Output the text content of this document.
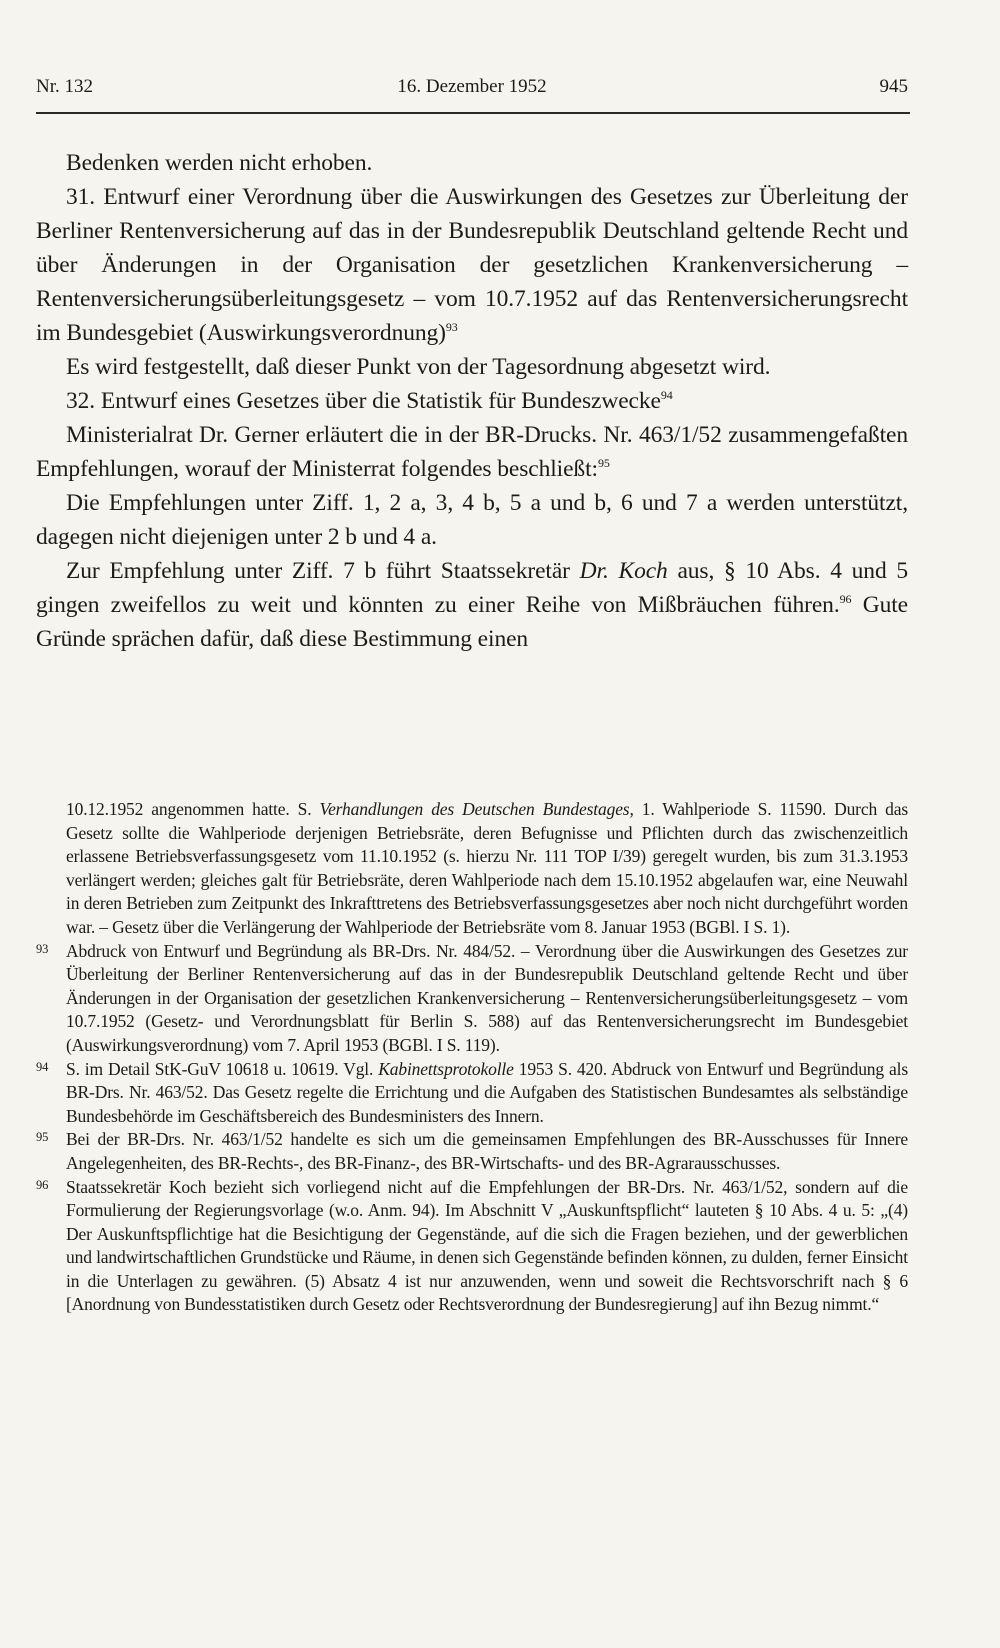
Nr. 132	16. Dezember 1952	945

Bedenken werden nicht erhoben.

31. Entwurf einer Verordnung über die Auswirkungen des Gesetzes zur Überleitung der Berliner Rentenversicherung auf das in der Bundesrepublik Deutschland geltende Recht und über Änderungen in der Organisation der gesetzlichen Krankenversicherung – Rentenversicherungsüberleitungsgesetz – vom 10.7.1952 auf das Rentenversicherungsrecht im Bundesgebiet (Auswirkungsverordnung)$^{93}$

Es wird festgestellt, daß dieser Punkt von der Tagesordnung abgesetzt wird.

32. Entwurf eines Gesetzes über die Statistik für Bundeszwecke$^{94}$

Ministerialrat Dr. Gerner erläutert die in der BR-Drucks. Nr. 463/1/52 zusammengefaßten Empfehlungen, worauf der Ministerrat folgendes beschließt:$^{95}$

Die Empfehlungen unter Ziff. 1, 2 a, 3, 4 b, 5 a und b, 6 und 7 a werden unterstützt, dagegen nicht diejenigen unter 2 b und 4 a.

Zur Empfehlung unter Ziff. 7 b führt Staatssekretär Dr. Koch aus, § 10 Abs. 4 und 5 gingen zweifellos zu weit und könnten zu einer Reihe von Mißbräuchen führen.$^{96}$ Gute Gründe sprächen dafür, daß diese Bestimmung einen

10.12.1952 angenommen hatte. S. Verhandlungen des Deutschen Bundestages, 1. Wahlperiode S. 11590. Durch das Gesetz sollte die Wahlperiode derjenigen Betriebsräte, deren Befugnisse und Pflichten durch das zwischenzeitlich erlassene Betriebsverfassungsgesetz vom 11.10.1952 (s. hierzu Nr. 111 TOP I/39) geregelt wurden, bis zum 31.3.1953 verlängert werden; gleiches galt für Betriebsräte, deren Wahlperiode nach dem 15.10.1952 abgelaufen war, eine Neuwahl in deren Betrieben zum Zeitpunkt des Inkrafttretens des Betriebsverfassungsgesetzes aber noch nicht durchgeführt worden war. – Gesetz über die Verlängerung der Wahlperiode der Betriebsräte vom 8. Januar 1953 (BGBl. I S. 1).
93 Abdruck von Entwurf und Begründung als BR-Drs. Nr. 484/52. – Verordnung über die Auswirkungen des Gesetzes zur Überleitung der Berliner Rentenversicherung auf das in der Bundesrepublik Deutschland geltende Recht und über Änderungen in der Organisation der gesetzlichen Krankenversicherung – Rentenversicherungsüberleitungsgesetz – vom 10.7.1952 (Gesetz- und Verordnungsblatt für Berlin S. 588) auf das Rentenversicherungsrecht im Bundesgebiet (Auswirkungsverordnung) vom 7. April 1953 (BGBl. I S. 119).
94 S. im Detail StK-GuV 10618 u. 10619. Vgl. Kabinettsprotokolle 1953 S. 420. Abdruck von Entwurf und Begründung als BR-Drs. Nr. 463/52. Das Gesetz regelte die Errichtung und die Aufgaben des Statistischen Bundesamtes als selbständige Bundesbehörde im Geschäftsbereich des Bundesministers des Innern.
95 Bei der BR-Drs. Nr. 463/1/52 handelte es sich um die gemeinsamen Empfehlungen des BR-Ausschusses für Innere Angelegenheiten, des BR-Rechts-, des BR-Finanz-, des BR-Wirtschafts- und des BR-Agrarausschusses.
96 Staatssekretär Koch bezieht sich vorliegend nicht auf die Empfehlungen der BR-Drs. Nr. 463/1/52, sondern auf die Formulierung der Regierungsvorlage (w.o. Anm. 94). Im Abschnitt V „Auskunftspflicht“ lauteten § 10 Abs. 4 u. 5: „(4) Der Auskunftspflichtige hat die Besichtigung der Gegenstände, auf die sich die Fragen beziehen, und der gewerblichen und landwirtschaftlichen Grundstücke und Räume, in denen sich Gegenstände befinden können, zu dulden, ferner Einsicht in die Unterlagen zu gewähren. (5) Absatz 4 ist nur anzuwenden, wenn und soweit die Rechtsvorschrift nach § 6 [Anordnung von Bundesstatistiken durch Gesetz oder Rechtsverordnung der Bundesregierung] auf ihn Bezug nimmt.“
